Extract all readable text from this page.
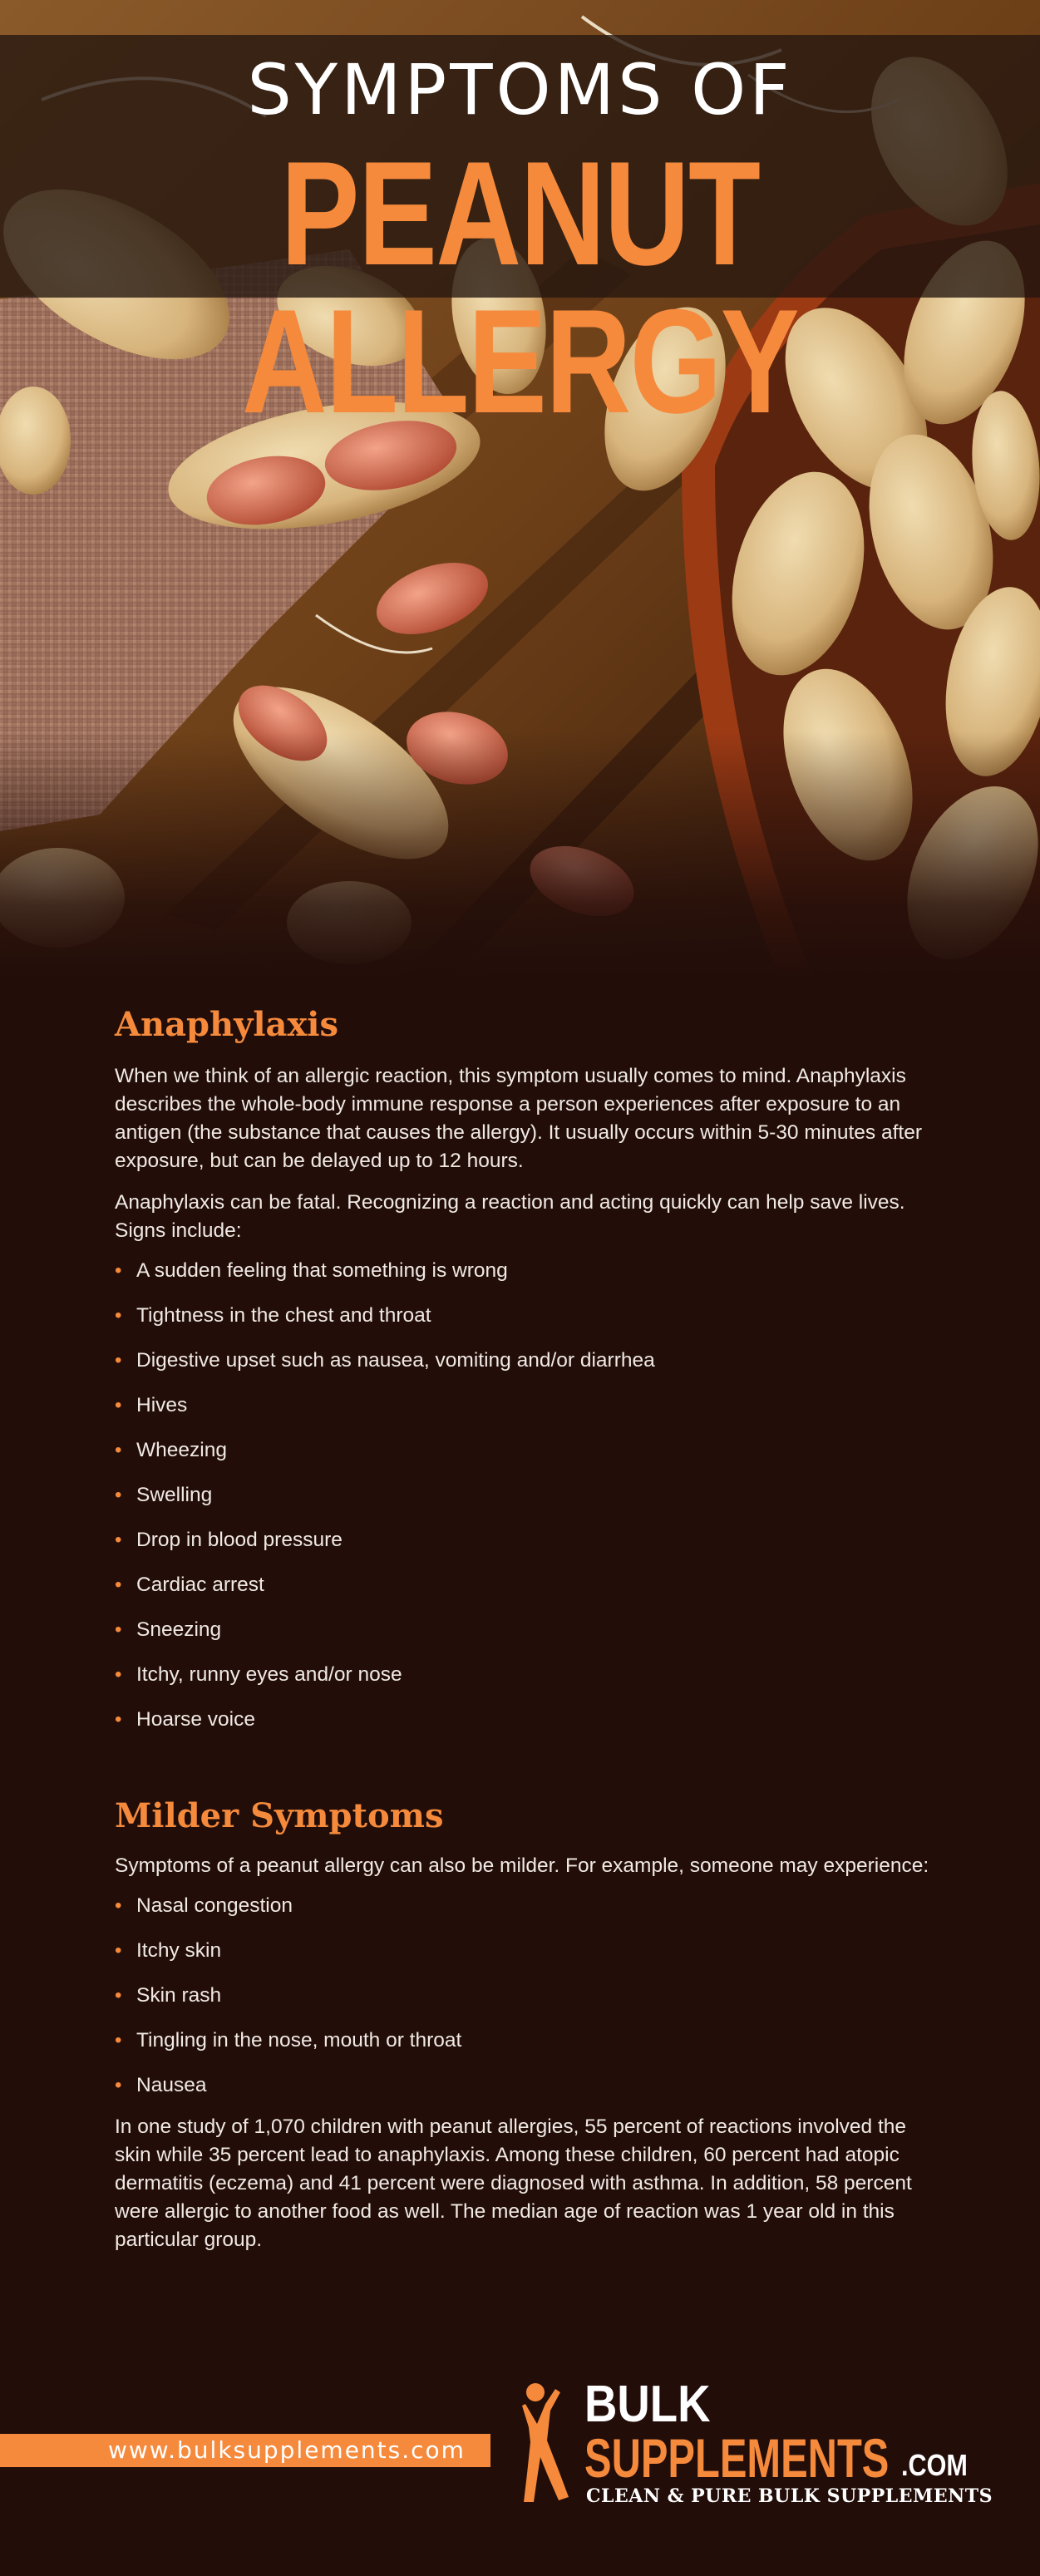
SYMPTOMS OF
PEANUT ALLERGY
Anaphylaxis

When we think of an allergic reaction, this symptom usually comes to mind. Anaphylaxis describes the whole-body immune response a person experiences after exposure to an antigen (the substance that causes the allergy). It usually occurs within 5-30 minutes after exposure, but can be delayed up to 12 hours.

Anaphylaxis can be fatal. Recognizing a reaction and acting quickly can help save lives. Signs include:

• A sudden feeling that something is wrong
• Tightness in the chest and throat
• Digestive upset such as nausea, vomiting and/or diarrhea
• Hives
• Wheezing
• Swelling
• Drop in blood pressure
• Cardiac arrest
• Sneezing
• Itchy, runny eyes and/or nose
• Hoarse voice
Milder Symptoms

Symptoms of a peanut allergy can also be milder. For example, someone may experience:

• Nasal congestion
• Itchy skin
• Skin rash
• Tingling in the nose, mouth or throat
• Nausea

In one study of 1,070 children with peanut allergies, 55 percent of reactions involved the skin while 35 percent lead to anaphylaxis. Among these children, 60 percent had atopic dermatitis (eczema) and 41 percent were diagnosed with asthma. In addition, 58 percent were allergic to another food as well. The median age of reaction was 1 year old in this particular group.

www.bulksupplements.com
BULK
SUPPLEMENTS .COM
CLEAN & PURE BULK SUPPLEMENTS
